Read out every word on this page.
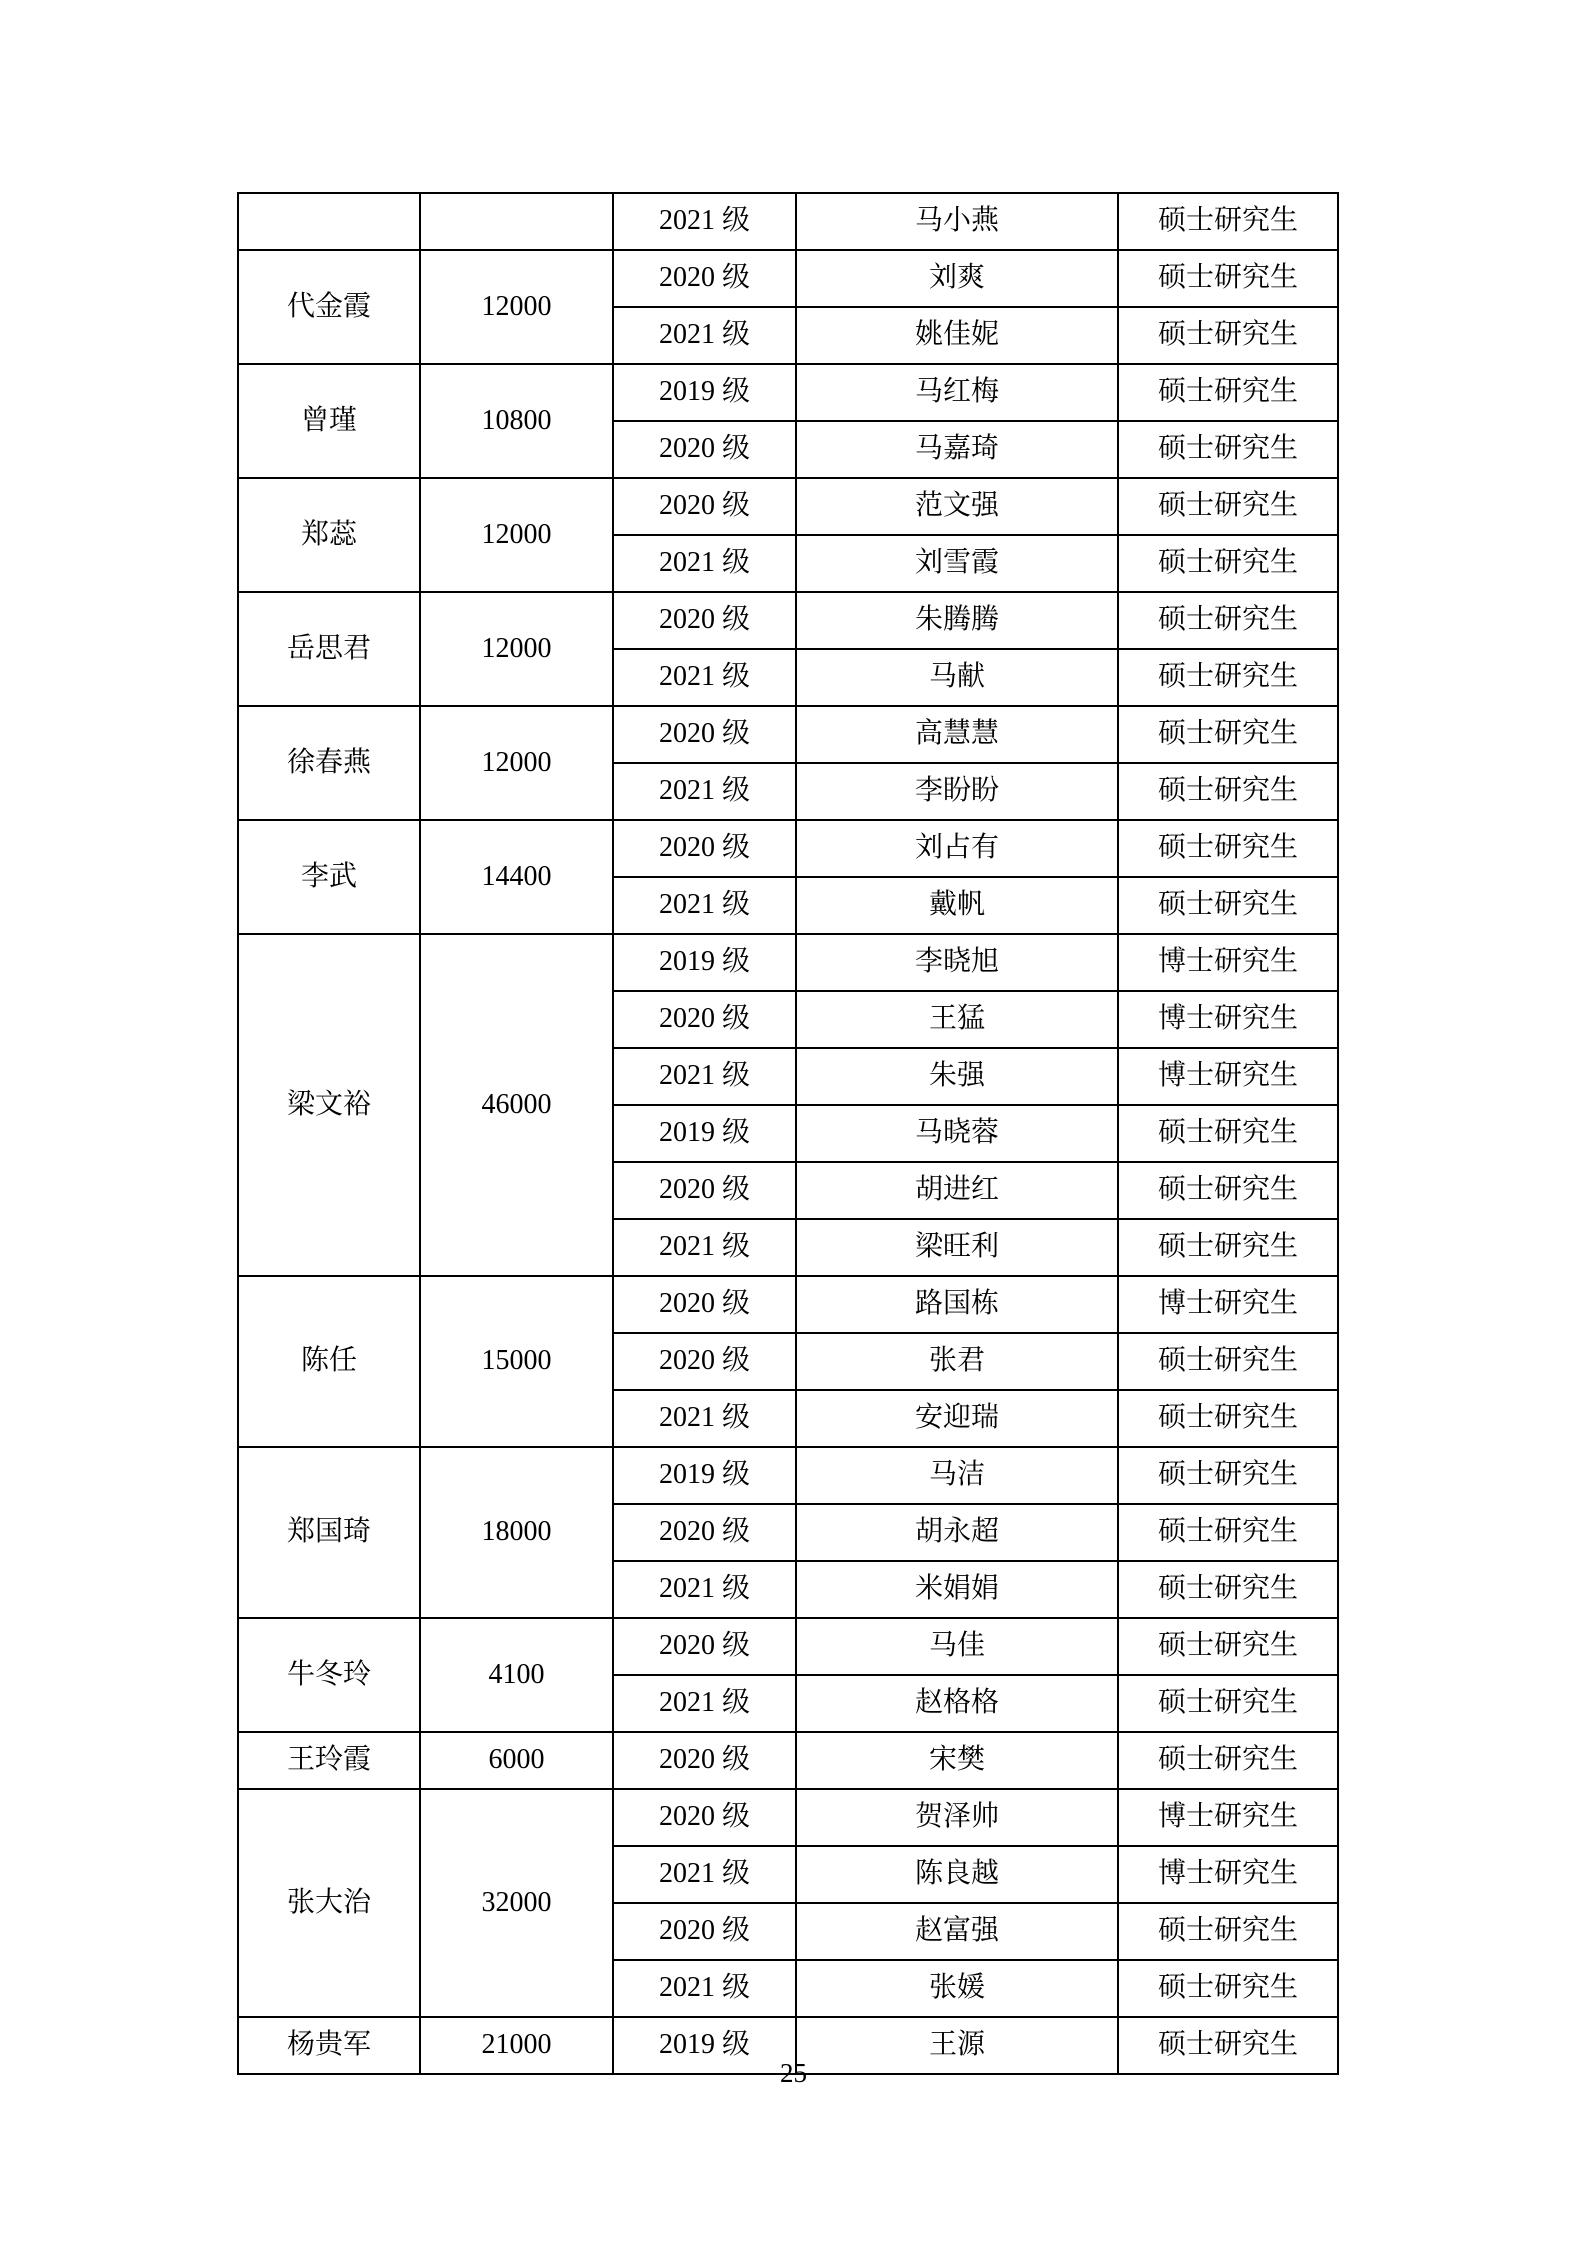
		2021 级	马小燕	硕士研究生
代金霞	12000	2020 级	刘爽	硕士研究生
		2021 级	姚佳妮	硕士研究生
曾瑾	10800	2019 级	马红梅	硕士研究生
		2020 级	马嘉琦	硕士研究生
郑蕊	12000	2020 级	范文强	硕士研究生
		2021 级	刘雪霞	硕士研究生
岳思君	12000	2020 级	朱腾腾	硕士研究生
		2021 级	马献	硕士研究生
徐春燕	12000	2020 级	高慧慧	硕士研究生
		2021 级	李盼盼	硕士研究生
李武	14400	2020 级	刘占有	硕士研究生
		2021 级	戴帆	硕士研究生
梁文裕	46000	2019 级	李晓旭	博士研究生
		2020 级	王猛	博士研究生
		2021 级	朱强	博士研究生
		2019 级	马晓蓉	硕士研究生
		2020 级	胡进红	硕士研究生
		2021 级	梁旺利	硕士研究生
陈任	15000	2020 级	路国栋	博士研究生
		2020 级	张君	硕士研究生
		2021 级	安迎瑞	硕士研究生
郑国琦	18000	2019 级	马洁	硕士研究生
		2020 级	胡永超	硕士研究生
		2021 级	米娟娟	硕士研究生
牛冬玲	4100	2020 级	马佳	硕士研究生
		2021 级	赵格格	硕士研究生
王玲霞	6000	2020 级	宋樊	硕士研究生
张大治	32000	2020 级	贺泽帅	博士研究生
		2021 级	陈良越	博士研究生
		2020 级	赵富强	硕士研究生
		2021 级	张媛	硕士研究生
杨贵军	21000	2019 级	王源	硕士研究生
25
